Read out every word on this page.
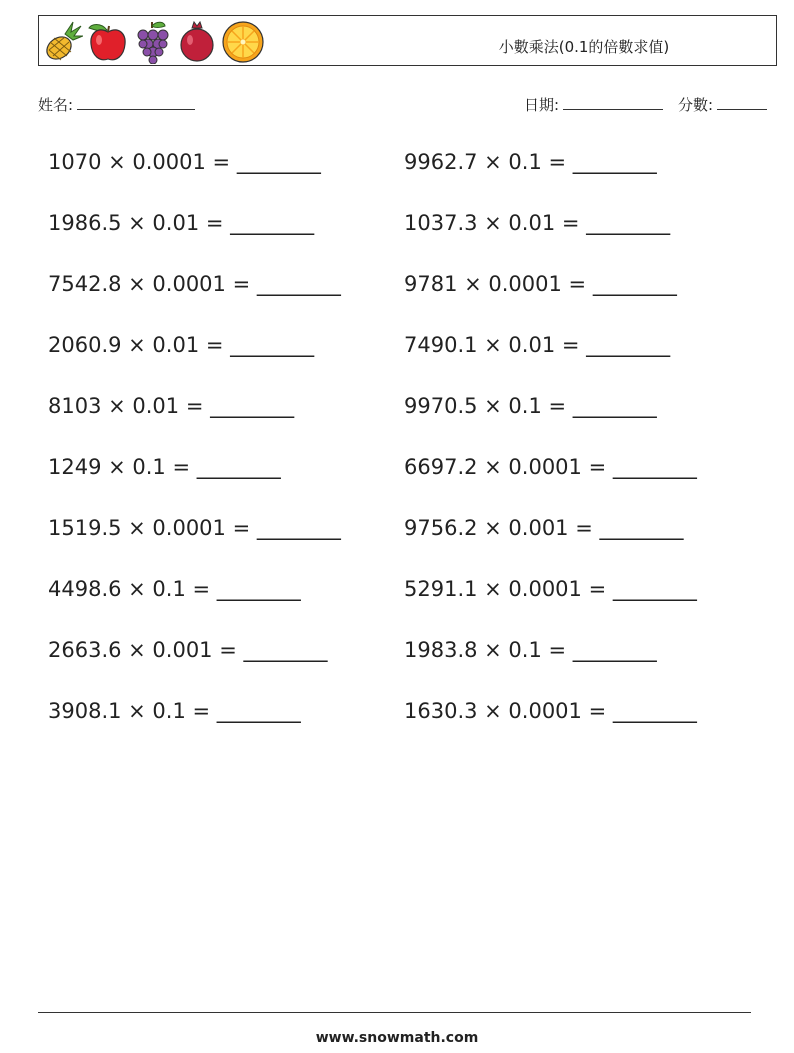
小數乘法(0.1的倍數求值)
姓名:	日期:	分數:
1070 × 0.0001 = ________
1986.5 × 0.01 = ________
7542.8 × 0.0001 = ________
2060.9 × 0.01 = ________
8103 × 0.01 = ________
1249 × 0.1 = ________
1519.5 × 0.0001 = ________
4498.6 × 0.1 = ________
2663.6 × 0.001 = ________
3908.1 × 0.1 = ________
9962.7 × 0.1 = ________
1037.3 × 0.01 = ________
9781 × 0.0001 = ________
7490.1 × 0.01 = ________
9970.5 × 0.1 = ________
6697.2 × 0.0001 = ________
9756.2 × 0.001 = ________
5291.1 × 0.0001 = ________
1983.8 × 0.1 = ________
1630.3 × 0.0001 = ________
www.snowmath.com
